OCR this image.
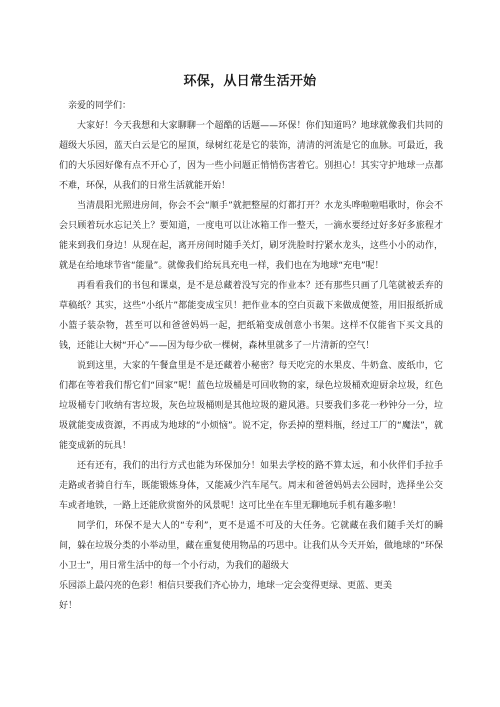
环保，从日常生活开始

亲爱的同学们：

大家好！今天我想和大家聊聊一个超酷的话题——环保！你们知道吗？地球就像我们共同的超级大乐园，蓝天白云是它的屋顶，绿树红花是它的装饰，清清的河流是它的血脉。可最近，我们的大乐园好像有点不开心了，因为一些小问题正悄悄伤害着它。别担心！其实守护地球一点都不难，环保，从我们的日常生活就能开始！

当清晨阳光照进房间，你会不会“顺手”就把整屋的灯都打开？水龙头哗啦啦唱歌时，你会不会只顾着玩水忘记关上？要知道，一度电可以让冰箱工作一整天，一滴水要经过好多好多旅程才能来到我们身边！从现在起，离开房间时随手关灯，刷牙洗脸时拧紧水龙头，这些小小的动作，就是在给地球节省“能量”。就像我们给玩具充电一样，我们也在为地球“充电”呢！

再看看我们的书包和课桌，是不是总藏着没写完的作业本？还有那些只画了几笔就被丢弃的草稿纸？其实，这些“小纸片”都能变成宝贝！把作业本的空白页裁下来做成便签，用旧报纸折成小篮子装杂物，甚至可以和爸爸妈妈一起，把纸箱变成创意小书架。这样不仅能省下买文具的钱，还能让大树“开心”——因为每少砍一棵树，森林里就多了一片清新的空气！

说到这里，大家的午餐盒里是不是还藏着小秘密？每天吃完的水果皮、牛奶盒、废纸巾，它们都在等着我们帮它们“回家”呢！蓝色垃圾桶是可回收物的家，绿色垃圾桶欢迎厨余垃圾，红色垃圾桶专门收纳有害垃圾，灰色垃圾桶则是其他垃圾的避风港。只要我们多花一秒钟分一分，垃圾就能变成资源，不再成为地球的“小烦恼”。说不定，你丢掉的塑料瓶，经过工厂的“魔法”，就能变成新的玩具！

还有还有，我们的出行方式也能为环保加分！如果去学校的路不算太远，和小伙伴们手拉手走路或者骑自行车，既能锻炼身体，又能减少汽车尾气。周末和爸爸妈妈去公园时，选择坐公交车或者地铁，一路上还能欣赏窗外的风景呢！这可比坐在车里无聊地玩手机有趣多啦！

同学们，环保不是大人的“专利”，更不是遥不可及的大任务。它就藏在我们随手关灯的瞬间，躲在垃圾分类的小举动里，藏在重复使用物品的巧思中。让我们从今天开始，做地球的“环保小卫士”，用日常生活中的每一个小行动，为我们的超级大

乐园添上最闪亮的色彩！相信只要我们齐心协力，地球一定会变得更绿、更蓝、更美

好！
